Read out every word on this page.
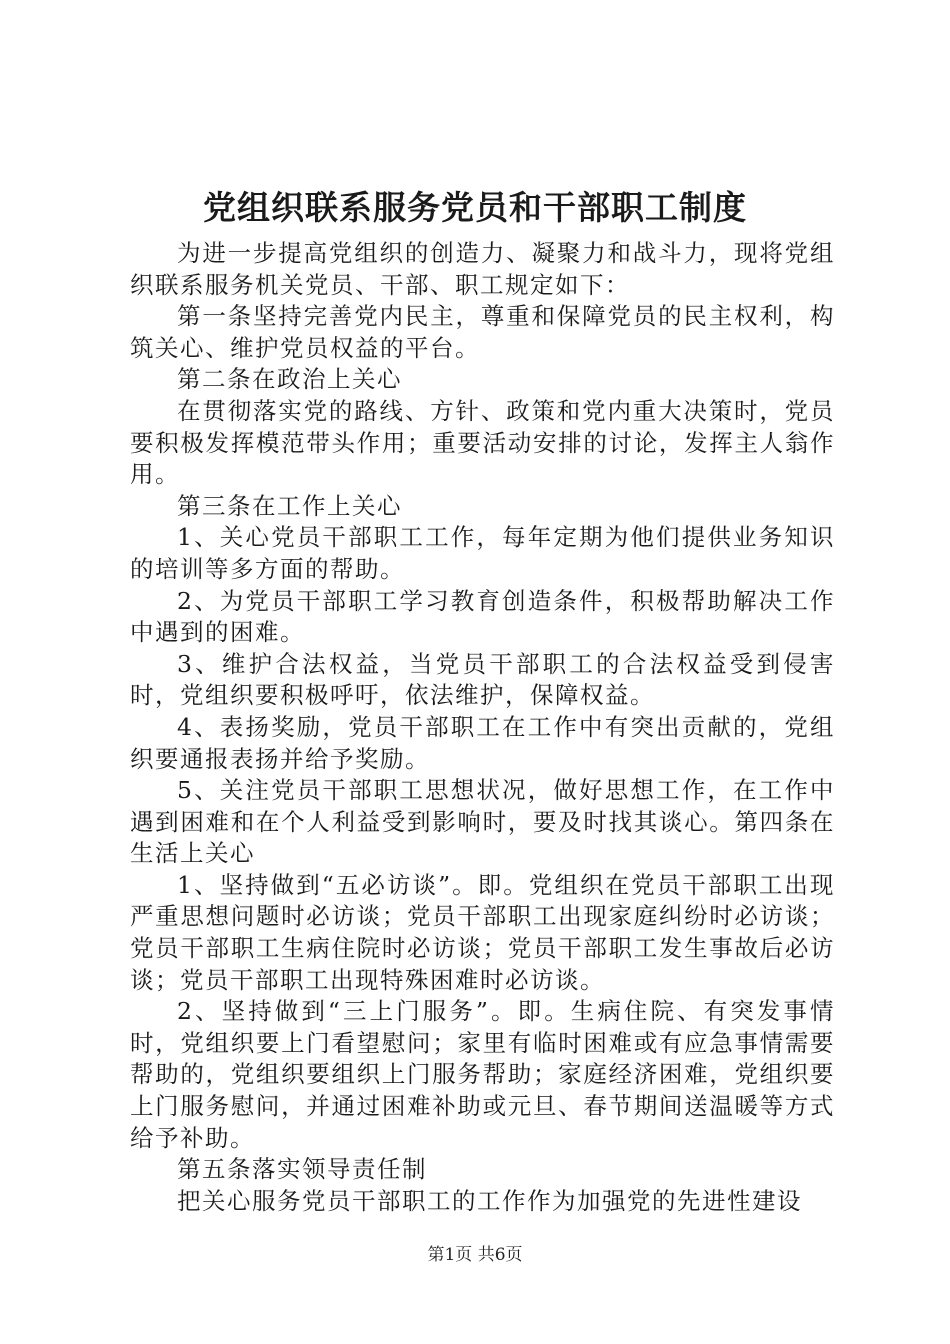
党组织联系服务党员和干部职工制度

为进一步提高党组织的创造力、凝聚力和战斗力，现将党组织联系服务机关党员、干部、职工规定如下：

第一条坚持完善党内民主，尊重和保障党员的民主权利，构筑关心、维护党员权益的平台。

第二条在政治上关心

在贯彻落实党的路线、方针、政策和党内重大决策时，党员要积极发挥模范带头作用；重要活动安排的讨论，发挥主人翁作用。

第三条在工作上关心

1、关心党员干部职工工作，每年定期为他们提供业务知识的培训等多方面的帮助。

2、为党员干部职工学习教育创造条件，积极帮助解决工作中遇到的困难。

3、维护合法权益，当党员干部职工的合法权益受到侵害时，党组织要积极呼吁，依法维护，保障权益。

4、表扬奖励，党员干部职工在工作中有突出贡献的，党组织要通报表扬并给予奖励。

5、关注党员干部职工思想状况，做好思想工作，在工作中遇到困难和在个人利益受到影响时，要及时找其谈心。第四条在生活上关心

1、坚持做到“五必访谈”。即。党组织在党员干部职工出现严重思想问题时必访谈；党员干部职工出现家庭纠纷时必访谈；党员干部职工生病住院时必访谈；党员干部职工发生事故后必访谈；党员干部职工出现特殊困难时必访谈。

2、坚持做到“三上门服务”。即。生病住院、有突发事情时，党组织要上门看望慰问；家里有临时困难或有应急事情需要帮助的，党组织要组织上门服务帮助；家庭经济困难，党组织要上门服务慰问，并通过困难补助或元旦、春节期间送温暖等方式给予补助。

第五条落实领导责任制

把关心服务党员干部职工的工作作为加强党的先进性建设

第1页 共6页
